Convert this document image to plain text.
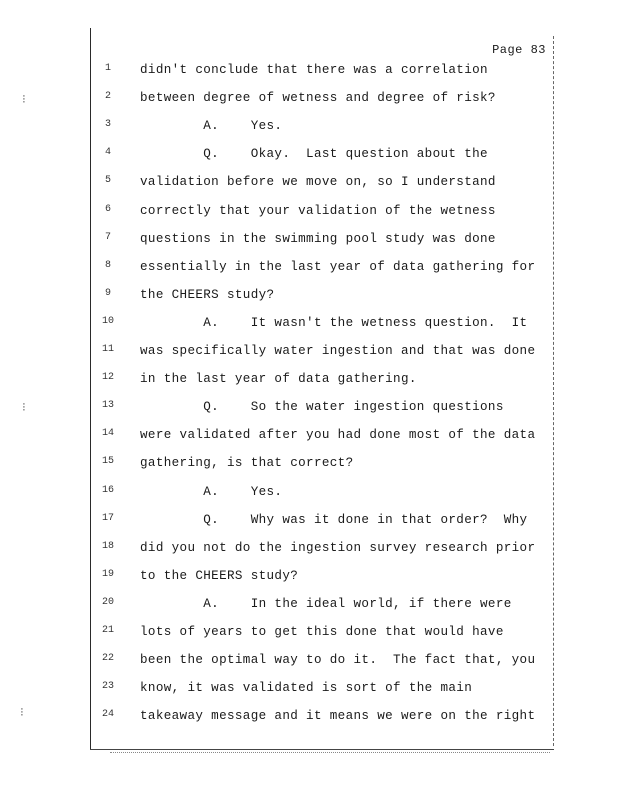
⁝
⁝
⁝
Page 83
1	didn't conclude that there was a correlation
2	between degree of wetness and degree of risk?
3	A.    Yes.
4	Q.    Okay.  Last question about the
5	validation before we move on, so I understand
6	correctly that your validation of the wetness
7	questions in the swimming pool study was done
8	essentially in the last year of data gathering for
9	the CHEERS study?
10	A.    It wasn't the wetness question.  It
11	was specifically water ingestion and that was done
12	in the last year of data gathering.
13	Q.    So the water ingestion questions
14	were validated after you had done most of the data
15	gathering, is that correct?
16	A.    Yes.
17	Q.    Why was it done in that order?  Why
18	did you not do the ingestion survey research prior
19	to the CHEERS study?
20	A.    In the ideal world, if there were
21	lots of years to get this done that would have
22	been the optimal way to do it.  The fact that, you
23	know, it was validated is sort of the main
24	takeaway message and it means we were on the right
